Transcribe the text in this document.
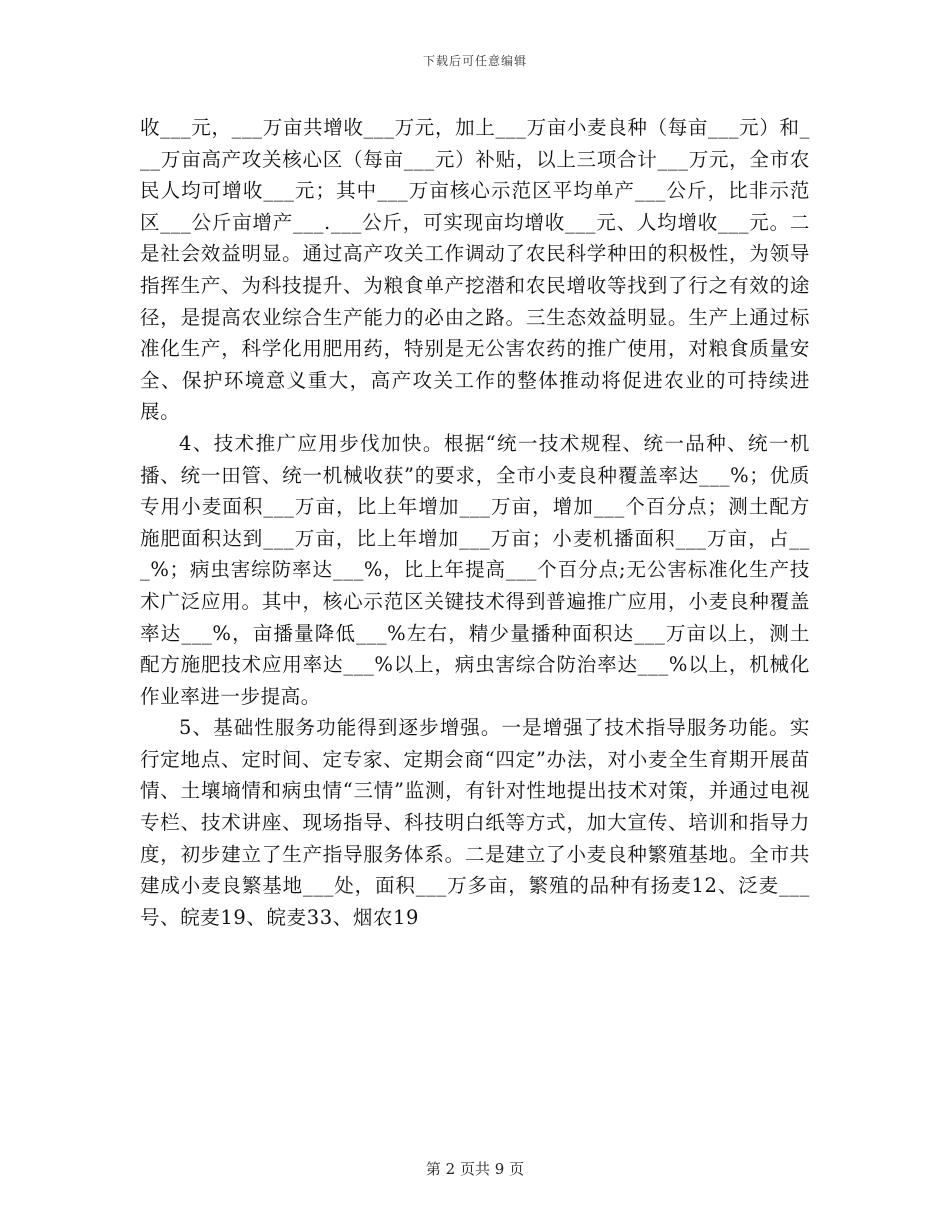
下载后可任意编辑

收___元，___万亩共增收___万元，加上___万亩小麦良种（每亩___元）和___万亩高产攻关核心区（每亩___元）补贴，以上三项合计___万元，全市农民人均可增收___元；其中___万亩核心示范区平均单产___公斤，比非示范区___公斤亩增产___.___公斤，可实现亩均增收___元、人均增收___元。二是社会效益明显。通过高产攻关工作调动了农民科学种田的积极性，为领导指挥生产、为科技提升、为粮食单产挖潜和农民增收等找到了行之有效的途径，是提高农业综合生产能力的必由之路。三生态效益明显。生产上通过标准化生产，科学化用肥用药，特别是无公害农药的推广使用，对粮食质量安全、保护环境意义重大，高产攻关工作的整体推动将促进农业的可持续进展。

4、技术推广应用步伐加快。根据“统一技术规程、统一品种、统一机播、统一田管、统一机械收获”的要求，全市小麦良种覆盖率达___%；优质专用小麦面积___万亩，比上年增加___万亩，增加___个百分点；测土配方施肥面积达到___万亩，比上年增加___万亩；小麦机播面积___万亩，占___%；病虫害综防率达___%，比上年提高___个百分点;无公害标准化生产技术广泛应用。其中，核心示范区关键技术得到普遍推广应用，小麦良种覆盖率达___%，亩播量降低___%左右，精少量播种面积达___万亩以上，测土配方施肥技术应用率达___%以上，病虫害综合防治率达___%以上，机械化作业率进一步提高。

5、基础性服务功能得到逐步增强。一是增强了技术指导服务功能。实行定地点、定时间、定专家、定期会商“四定”办法，对小麦全生育期开展苗情、土壤墒情和病虫情“三情”监测，有针对性地提出技术对策，并通过电视专栏、技术讲座、现场指导、科技明白纸等方式，加大宣传、培训和指导力度，初步建立了生产指导服务体系。二是建立了小麦良种繁殖基地。全市共建成小麦良繁基地___处，面积___万多亩，繁殖的品种有扬麦12、泛麦___号、皖麦19、皖麦33、烟农19

第 2 页共 9 页
